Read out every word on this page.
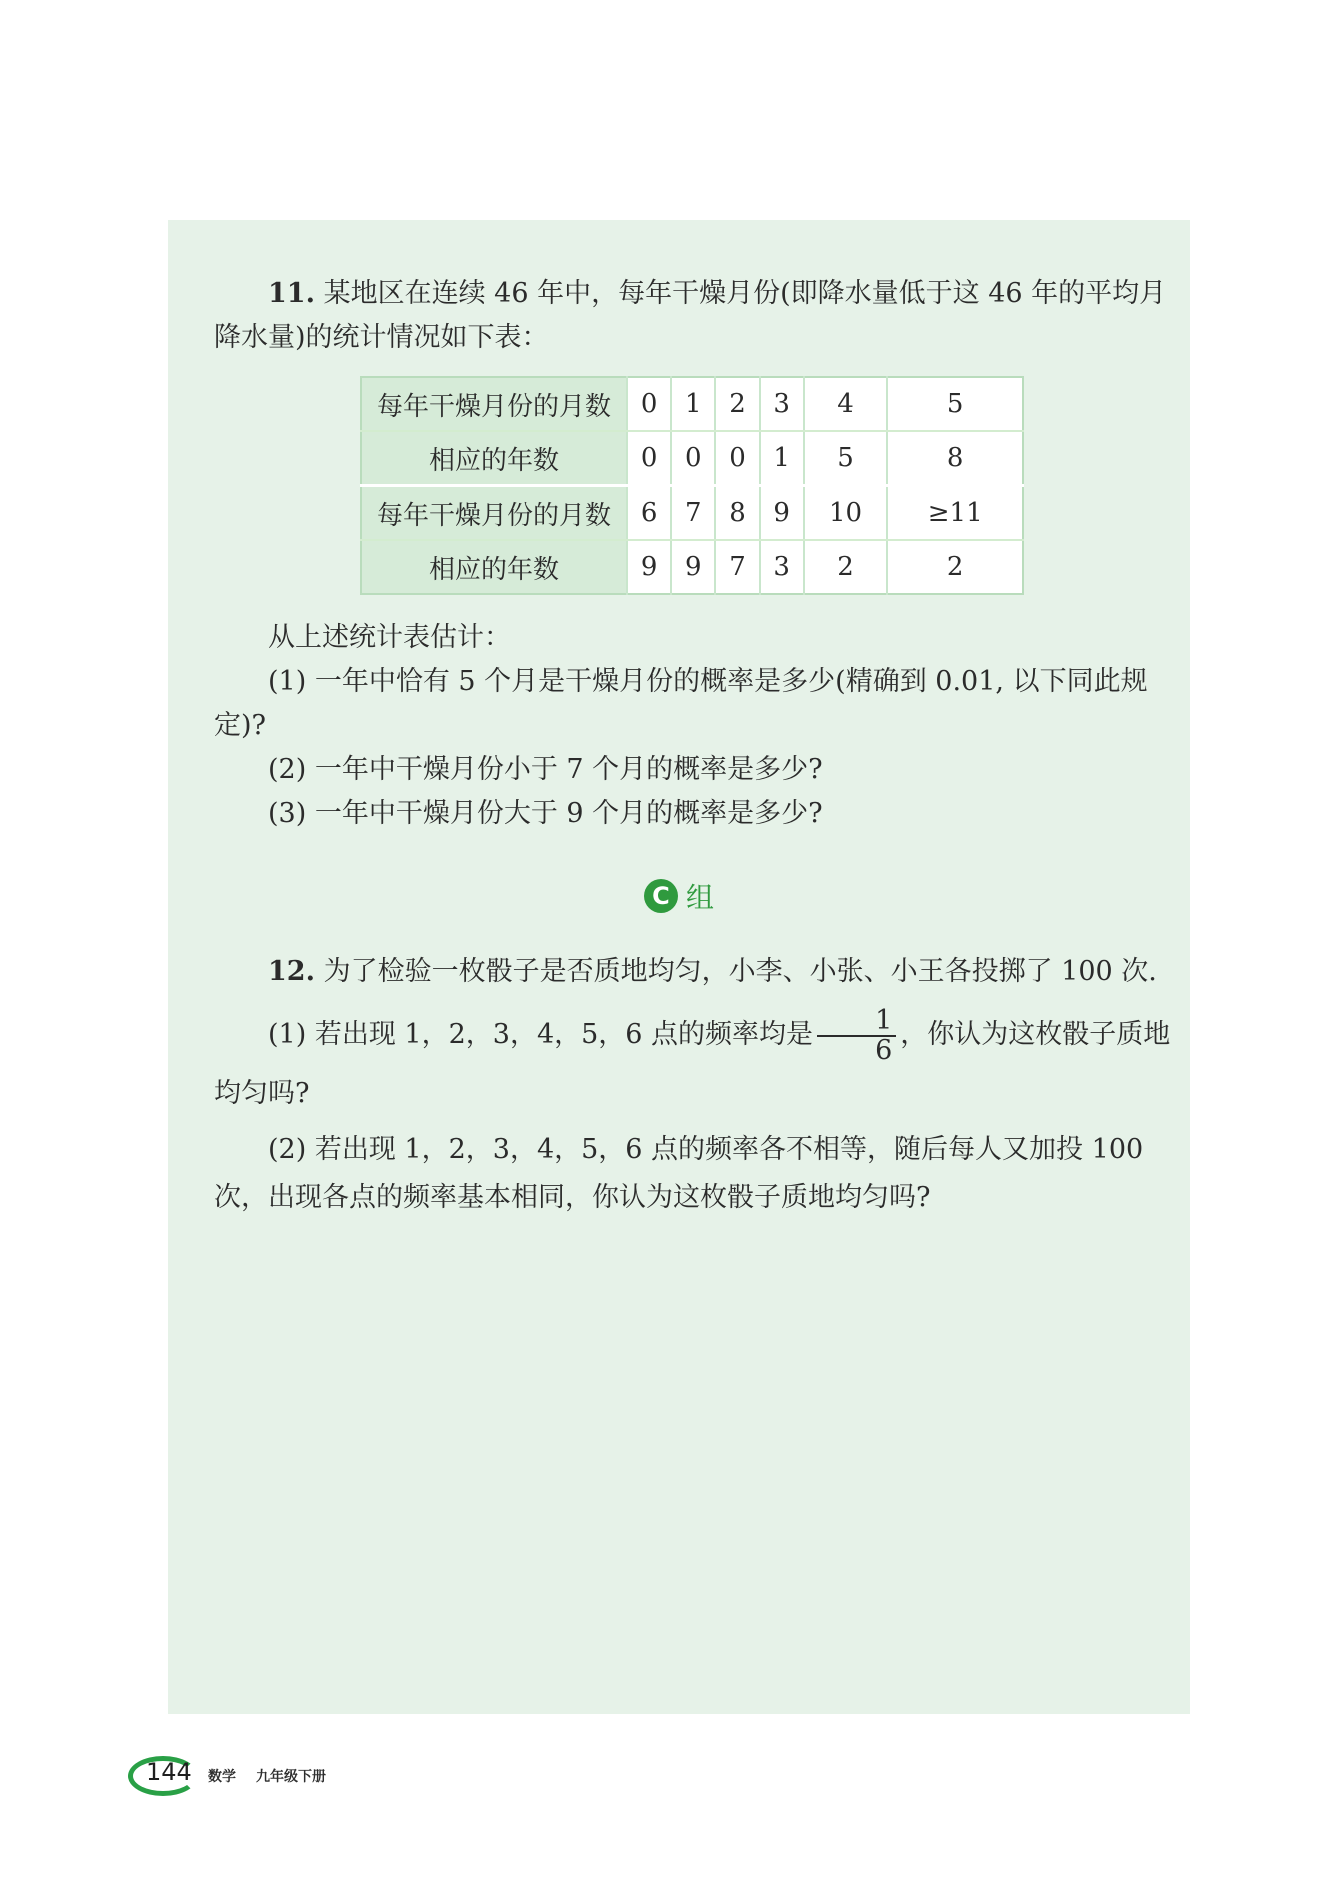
11. 某地区在连续 46 年中，每年干燥月份(即降水量低于这 46 年的平均月降水量)的统计情况如下表：

每年干燥月份的月数	0	1	2	3	4	5
相应的年数	0	0	0	1	5	8
每年干燥月份的月数	6	7	8	9	10	≥11
相应的年数	9	9	7	3	2	2

从上述统计表估计：

(1) 一年中恰有 5 个月是干燥月份的概率是多少(精确到 0.01, 以下同此规定)?

(2) 一年中干燥月份小于 7 个月的概率是多少?

(3) 一年中干燥月份大于 9 个月的概率是多少?

C 组

12. 为了检验一枚骰子是否质地均匀，小李、小张、小王各投掷了 100 次.

(1) 若出现 1，2，3，4，5，6 点的频率均是 $\frac{1}{6}$ ，你认为这枚骰子质地均匀吗?

(2) 若出现 1，2，3，4，5，6 点的频率各不相等，随后每人又加投 100 次，出现各点的频率基本相同，你认为这枚骰子质地均匀吗?

144 数学 九年级下册
